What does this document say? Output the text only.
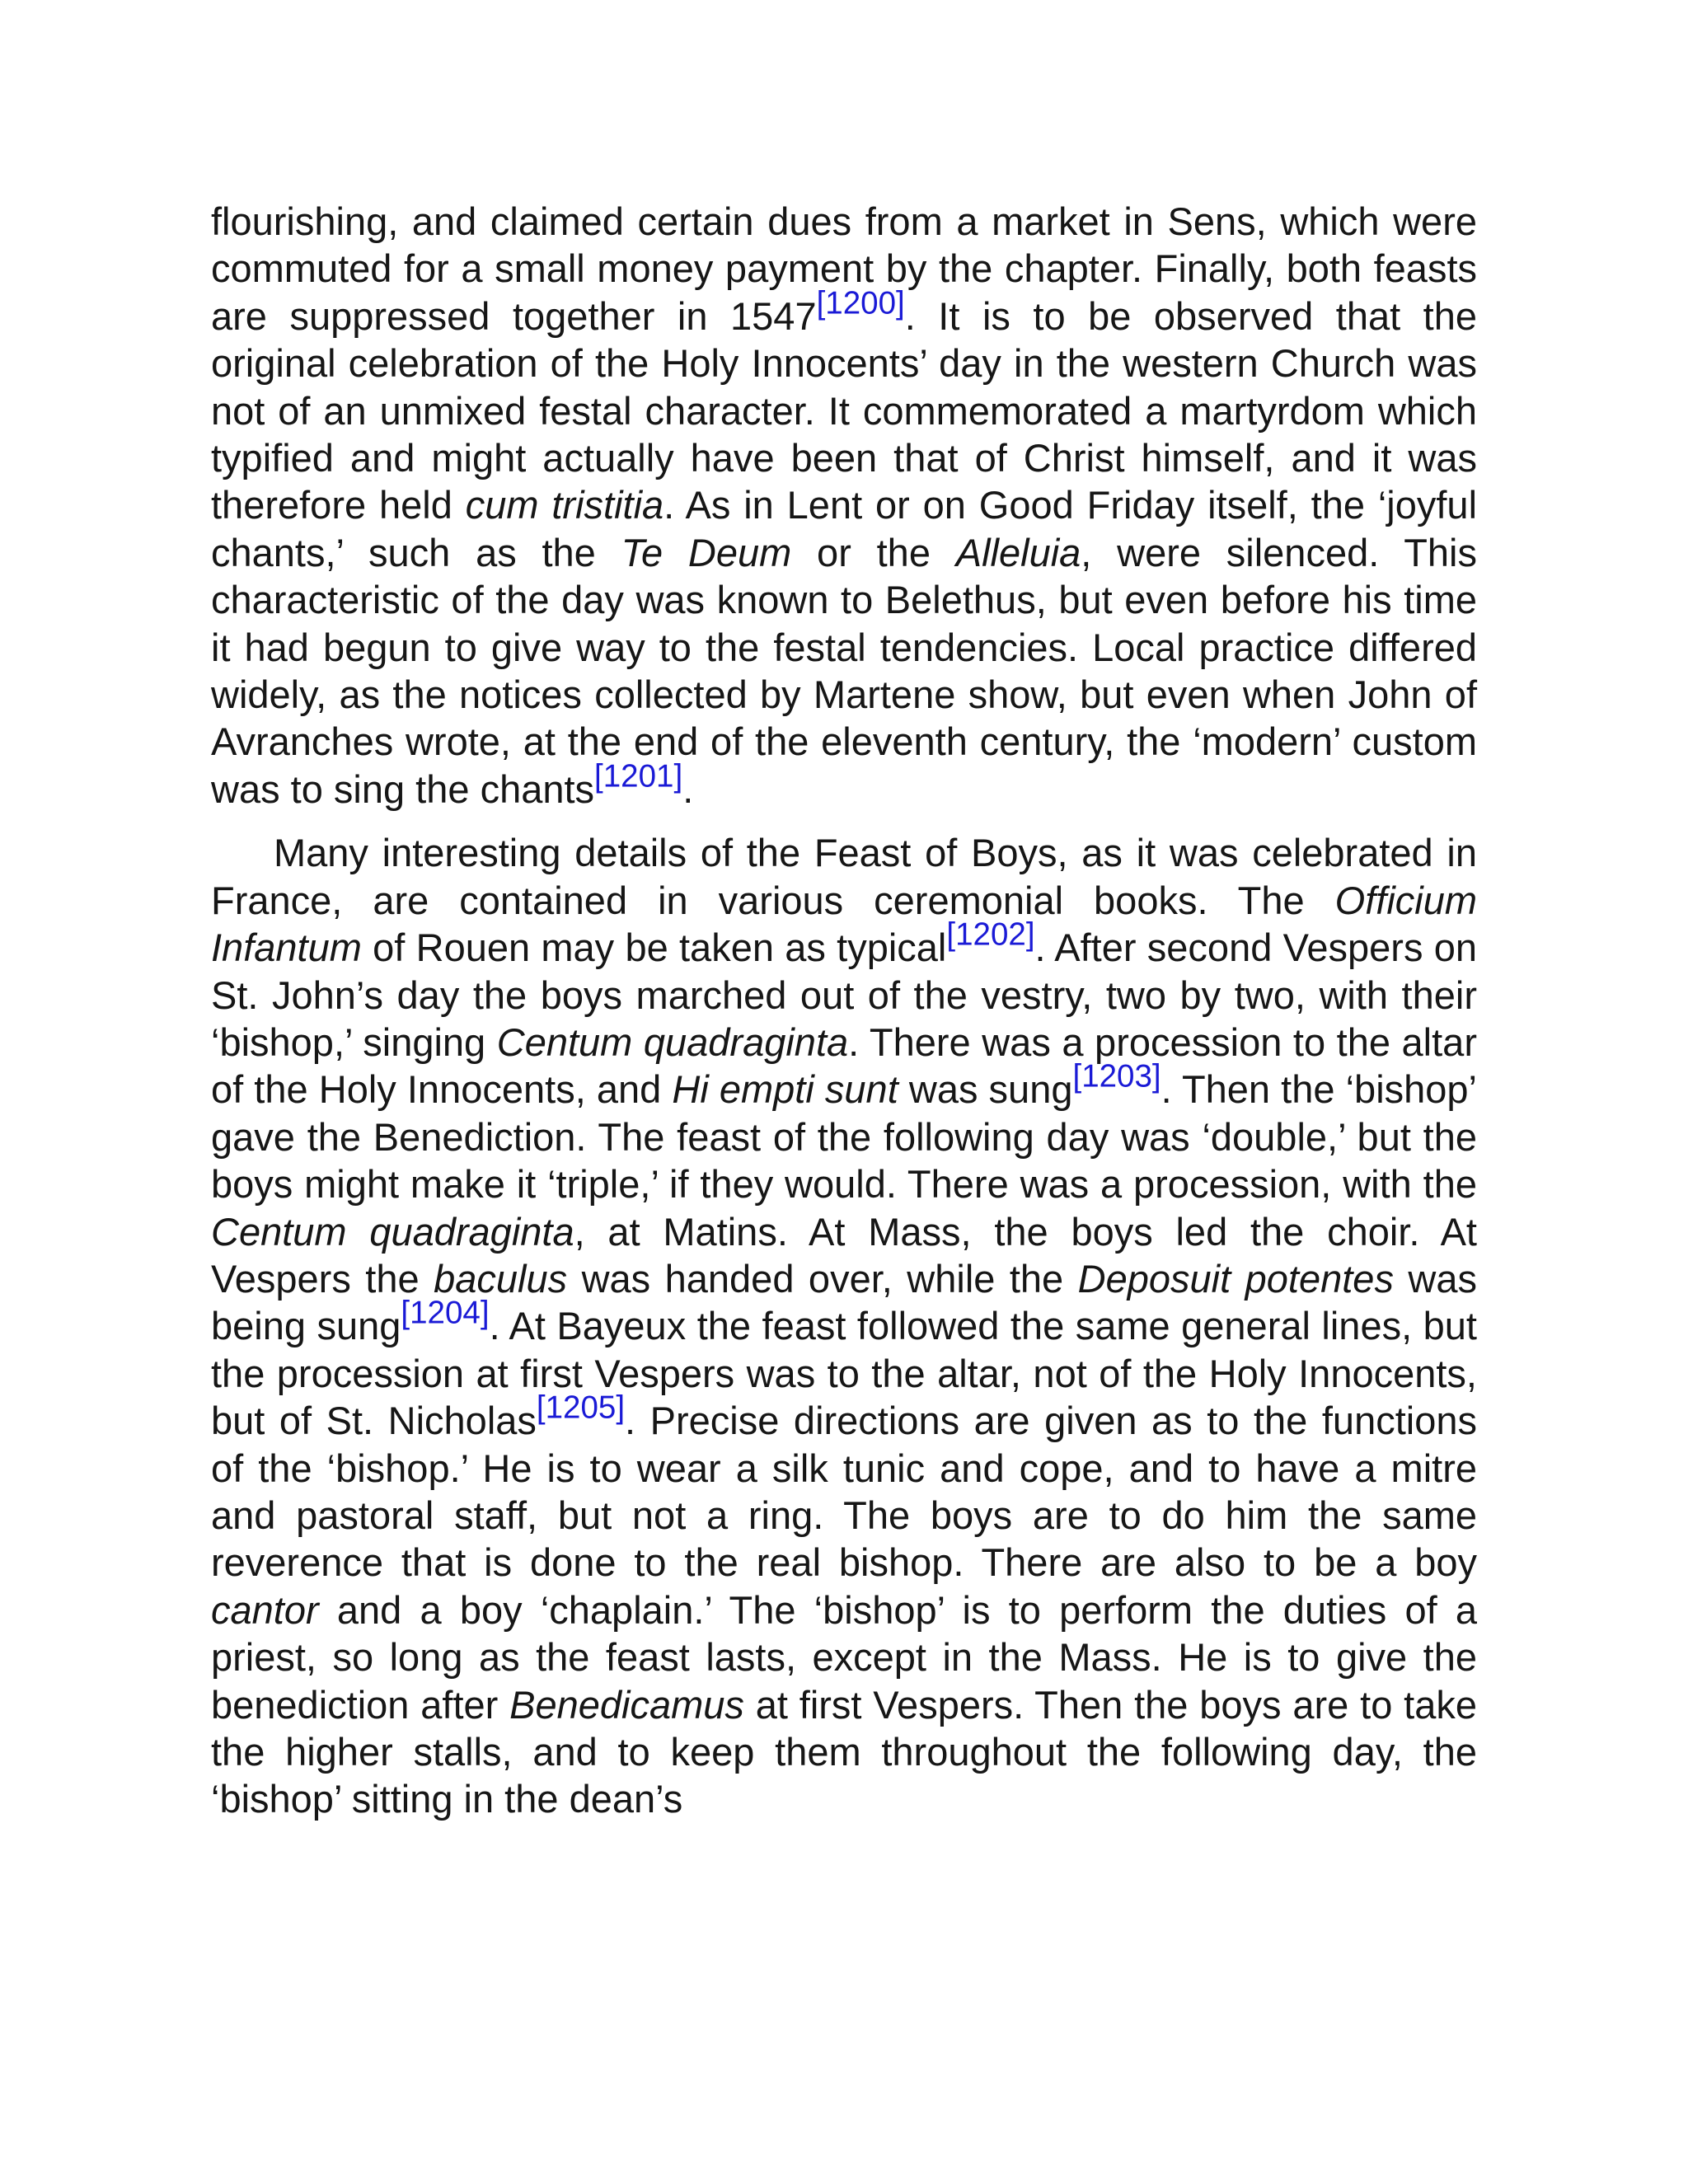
flourishing, and claimed certain dues from a market in Sens, which were commuted for a small money payment by the chapter. Finally, both feasts are suppressed together in 1547[1200]. It is to be observed that the original celebration of the Holy Innocents’ day in the western Church was not of an unmixed festal character. It commemorated a martyrdom which typified and might actually have been that of Christ himself, and it was therefore held cum tristitia. As in Lent or on Good Friday itself, the ‘joyful chants,’ such as the Te Deum or the Alleluia, were silenced. This characteristic of the day was known to Belethus, but even before his time it had begun to give way to the festal tendencies. Local practice differed widely, as the notices collected by Martene show, but even when John of Avranches wrote, at the end of the eleventh century, the ‘modern’ custom was to sing the chants[1201].

Many interesting details of the Feast of Boys, as it was celebrated in France, are contained in various ceremonial books. The Officium Infantum of Rouen may be taken as typical[1202]. After second Vespers on St. John’s day the boys marched out of the vestry, two by two, with their ‘bishop,’ singing Centum quadraginta. There was a procession to the altar of the Holy Innocents, and Hi empti sunt was sung[1203]. Then the ‘bishop’ gave the Benediction. The feast of the following day was ‘double,’ but the boys might make it ‘triple,’ if they would. There was a procession, with the Centum quadraginta, at Matins. At Mass, the boys led the choir. At Vespers the baculus was handed over, while the Deposuit potentes was being sung[1204]. At Bayeux the feast followed the same general lines, but the procession at first Vespers was to the altar, not of the Holy Innocents, but of St. Nicholas[1205]. Precise directions are given as to the functions of the ‘bishop.’ He is to wear a silk tunic and cope, and to have a mitre and pastoral staff, but not a ring. The boys are to do him the same reverence that is done to the real bishop. There are also to be a boy cantor and a boy ‘chaplain.’ The ‘bishop’ is to perform the duties of a priest, so long as the feast lasts, except in the Mass. He is to give the benediction after Benedicamus at first Vespers. Then the boys are to take the higher stalls, and to keep them throughout the following day, the ‘bishop’ sitting in the dean’s
